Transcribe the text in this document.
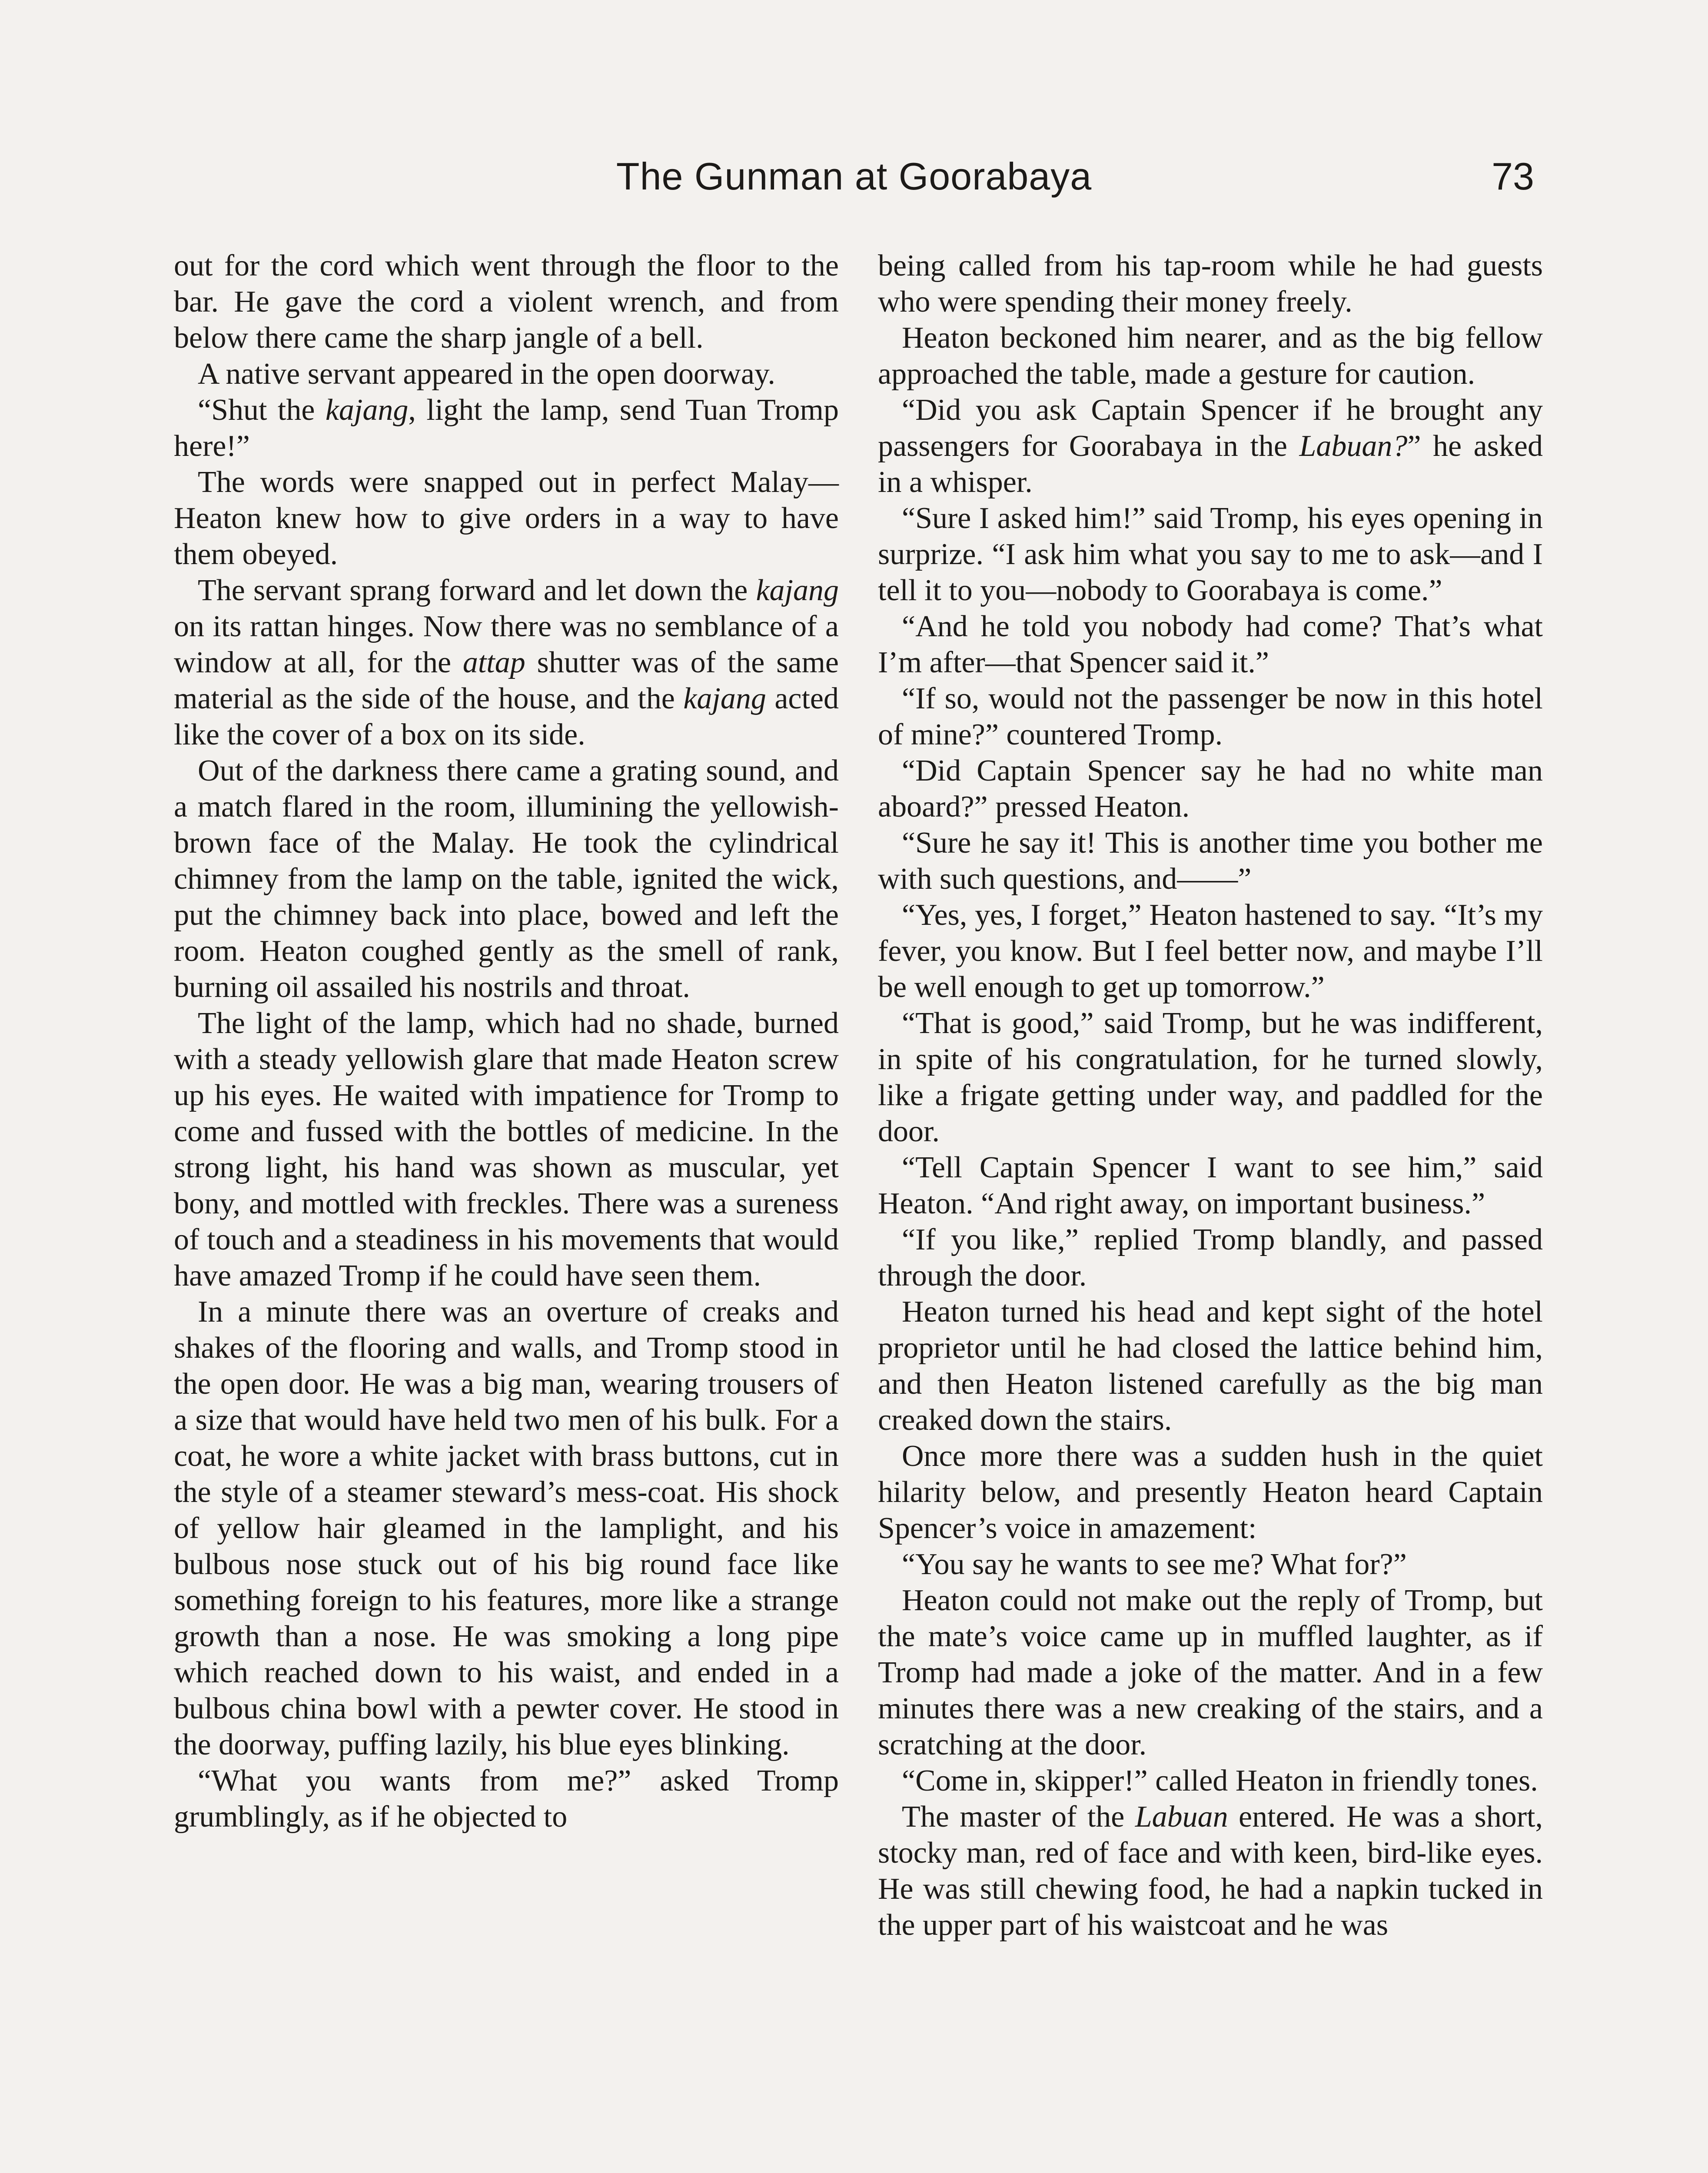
The Gunman at Goorabaya	73

out for the cord which went through the floor to the bar. He gave the cord a violent wrench, and from below there came the sharp jangle of a bell.

A native servant appeared in the open doorway.

“Shut the kajang, light the lamp, send Tuan Tromp here!”

The words were snapped out in perfect Malay—Heaton knew how to give orders in a way to have them obeyed.

The servant sprang forward and let down the kajang on its rattan hinges. Now there was no semblance of a window at all, for the attap shutter was of the same material as the side of the house, and the kajang acted like the cover of a box on its side.

Out of the darkness there came a grating sound, and a match flared in the room, illumining the yellowish-brown face of the Malay. He took the cylindrical chimney from the lamp on the table, ignited the wick, put the chimney back into place, bowed and left the room. Heaton coughed gently as the smell of rank, burning oil assailed his nostrils and throat.

The light of the lamp, which had no shade, burned with a steady yellowish glare that made Heaton screw up his eyes. He waited with impatience for Tromp to come and fussed with the bottles of medicine. In the strong light, his hand was shown as muscular, yet bony, and mottled with freckles. There was a sureness of touch and a steadiness in his movements that would have amazed Tromp if he could have seen them.

In a minute there was an overture of creaks and shakes of the flooring and walls, and Tromp stood in the open door. He was a big man, wearing trousers of a size that would have held two men of his bulk. For a coat, he wore a white jacket with brass buttons, cut in the style of a steamer steward’s mess-coat. His shock of yellow hair gleamed in the lamplight, and his bulbous nose stuck out of his big round face like something foreign to his features, more like a strange growth than a nose. He was smoking a long pipe which reached down to his waist, and ended in a bulbous china bowl with a pewter cover. He stood in the doorway, puffing lazily, his blue eyes blinking.

“What you wants from me?” asked Tromp grumblingly, as if he objected to

being called from his tap-room while he had guests who were spending their money freely.

Heaton beckoned him nearer, and as the big fellow approached the table, made a gesture for caution.

“Did you ask Captain Spencer if he brought any passengers for Goorabaya in the Labuan?” he asked in a whisper.

“Sure I asked him!” said Tromp, his eyes opening in surprize. “I ask him what you say to me to ask—and I tell it to you—nobody to Goorabaya is come.”

“And he told you nobody had come? That’s what I’m after—that Spencer said it.”

“If so, would not the passenger be now in this hotel of mine?” countered Tromp.

“Did Captain Spencer say he had no white man aboard?” pressed Heaton.

“Sure he say it! This is another time you bother me with such questions, and——”

“Yes, yes, I forget,” Heaton hastened to say. “It’s my fever, you know. But I feel better now, and maybe I’ll be well enough to get up tomorrow.”

“That is good,” said Tromp, but he was indifferent, in spite of his congratulation, for he turned slowly, like a frigate getting under way, and paddled for the door.

“Tell Captain Spencer I want to see him,” said Heaton. “And right away, on important business.”

“If you like,” replied Tromp blandly, and passed through the door.

Heaton turned his head and kept sight of the hotel proprietor until he had closed the lattice behind him, and then Heaton listened carefully as the big man creaked down the stairs.

Once more there was a sudden hush in the quiet hilarity below, and presently Heaton heard Captain Spencer’s voice in amazement:

“You say he wants to see me? What for?”

Heaton could not make out the reply of Tromp, but the mate’s voice came up in muffled laughter, as if Tromp had made a joke of the matter. And in a few minutes there was a new creaking of the stairs, and a scratching at the door.

“Come in, skipper!” called Heaton in friendly tones.

The master of the Labuan entered. He was a short, stocky man, red of face and with keen, bird-like eyes. He was still chewing food, he had a napkin tucked in the upper part of his waistcoat and he was
